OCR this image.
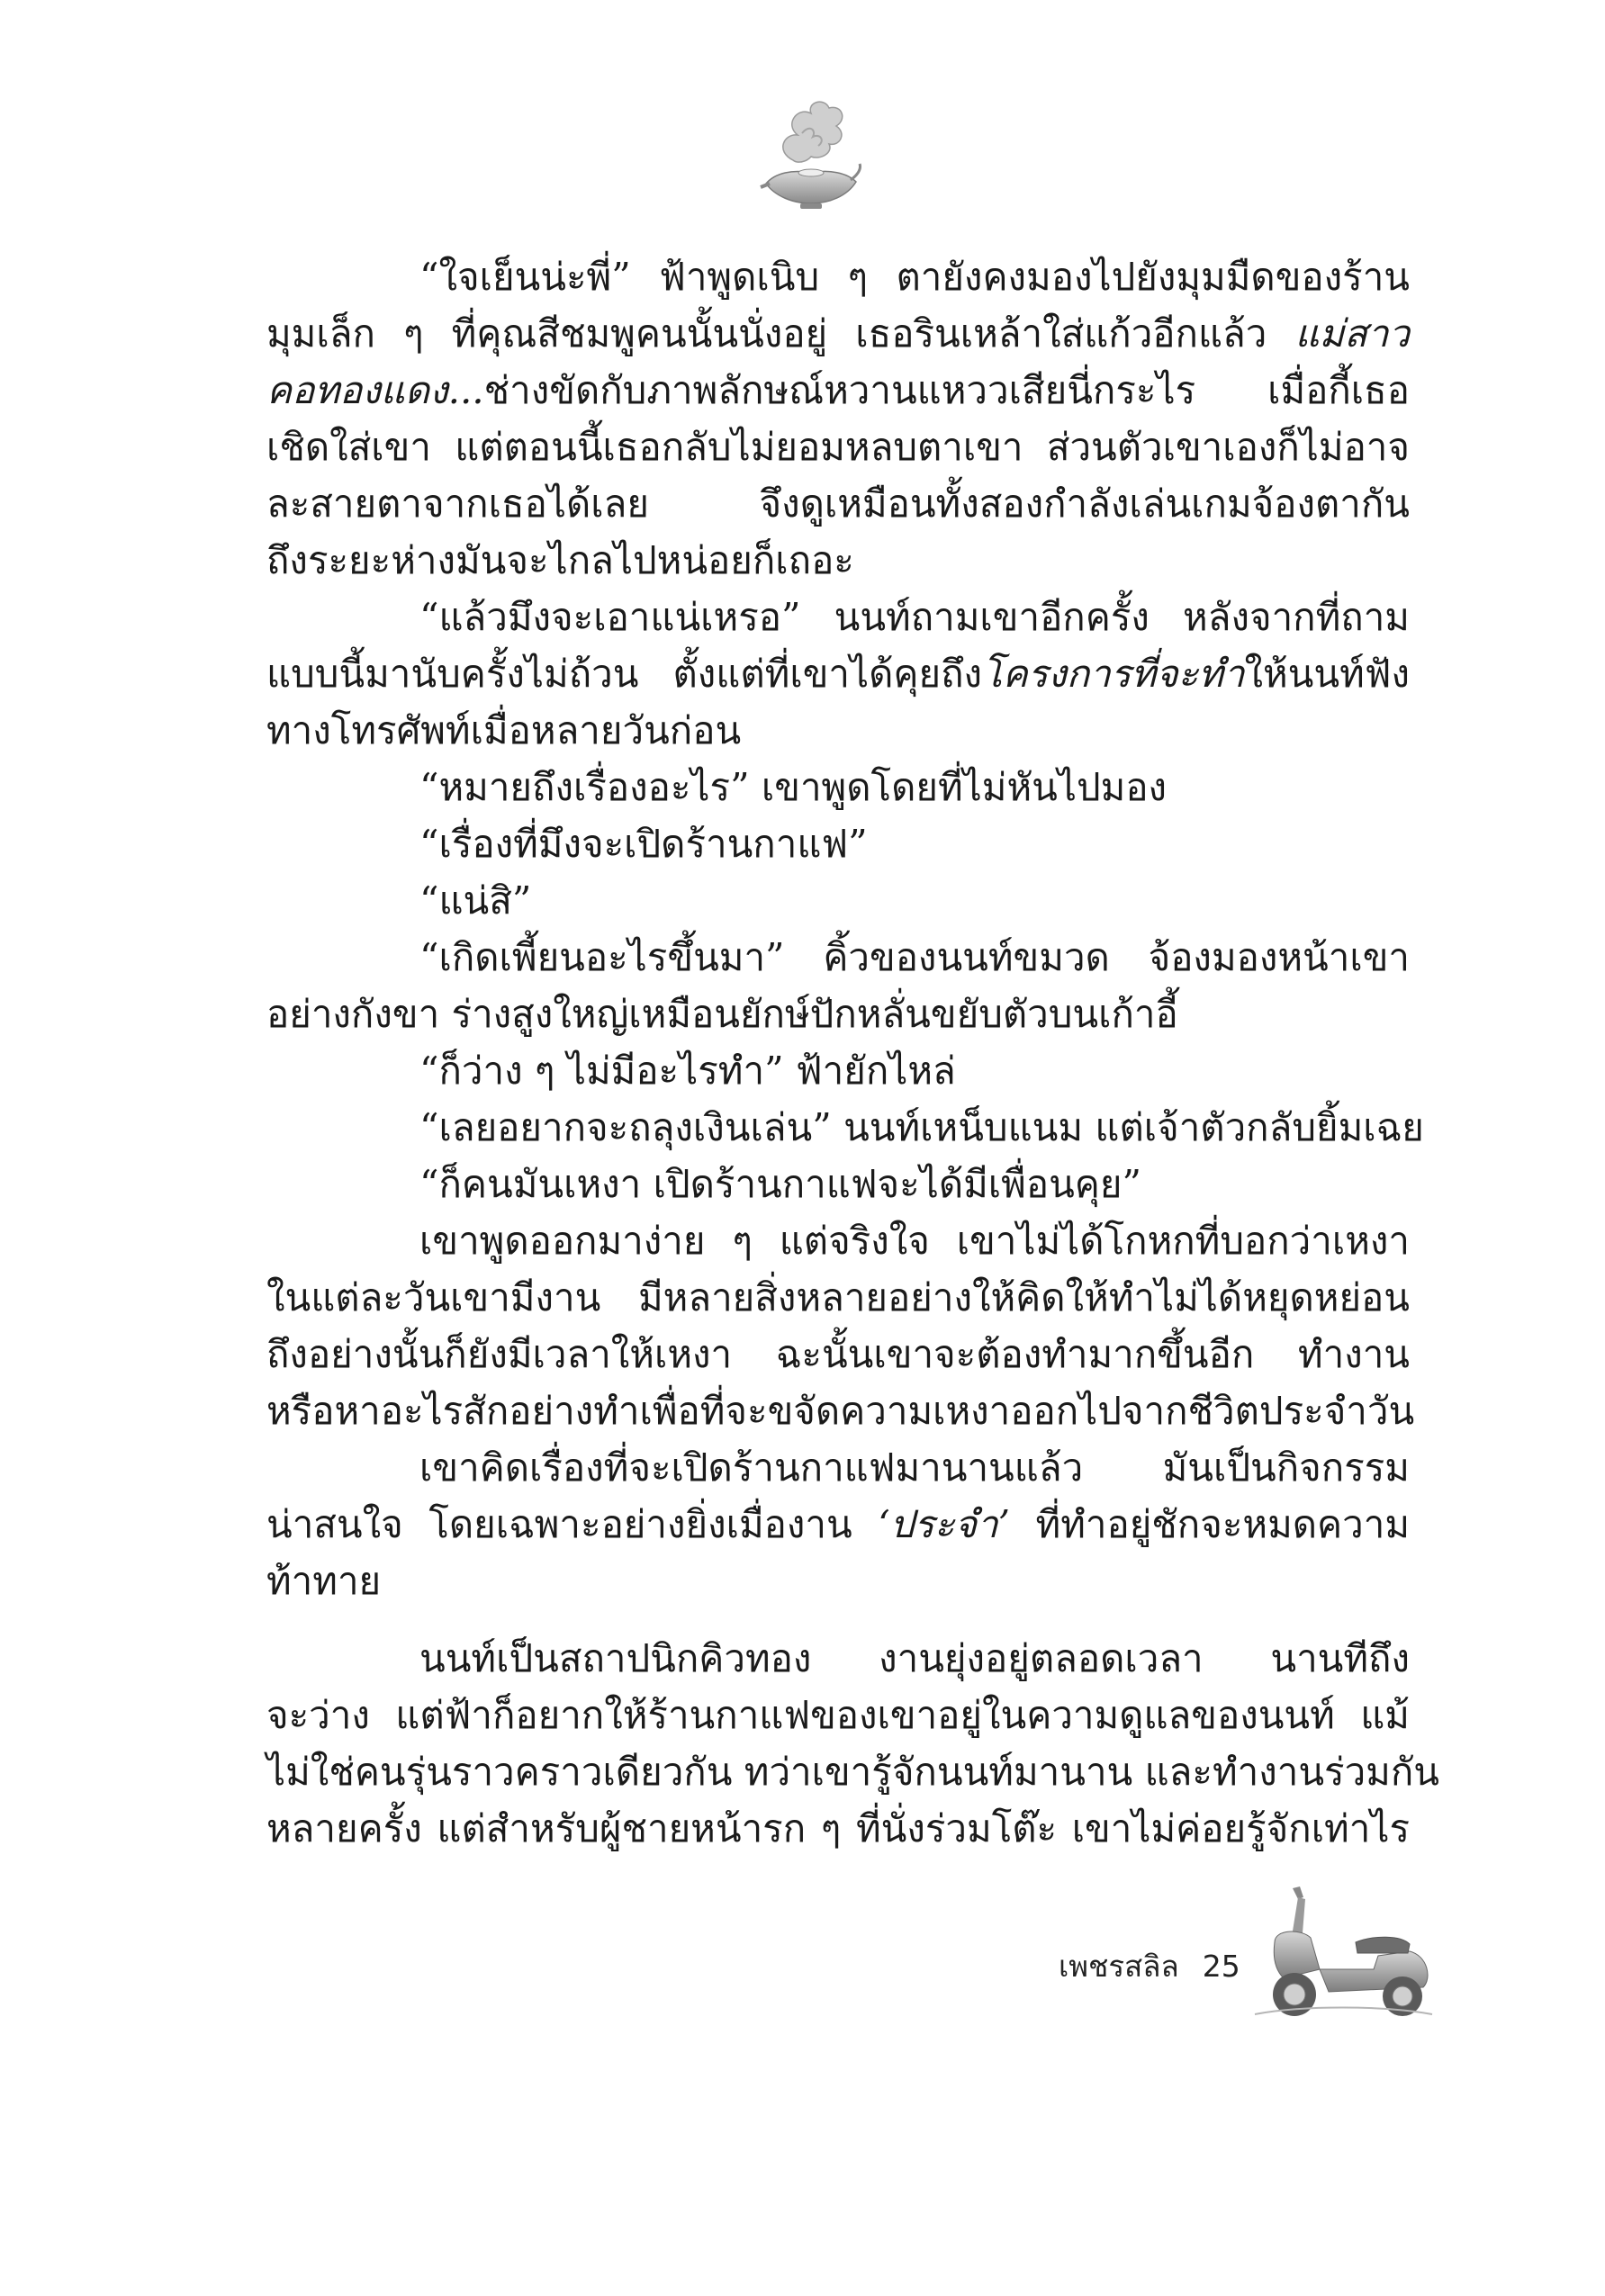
“ใจเย็นน่ะพี่” ฟ้าพูดเนิบ ๆ ตายังคงมองไปยังมุมมืดของร้าน
มุมเล็ก ๆ ที่คุณสีชมพูคนนั้นนั่งอยู่ เธอรินเหล้าใส่แก้วอีกแล้ว แม่สาว
คอทองแดง...ช่างขัดกับภาพลักษณ์หวานแหววเสียนี่กระไร เมื่อกี้เธอ
เชิดใส่เขา แต่ตอนนี้เธอกลับไม่ยอมหลบตาเขา ส่วนตัวเขาเองก็ไม่อาจ
ละสายตาจากเธอได้เลย จึงดูเหมือนทั้งสองกำลังเล่นเกมจ้องตากัน
ถึงระยะห่างมันจะไกลไปหน่อยก็เถอะ
“แล้วมึงจะเอาแน่เหรอ” นนท์ถามเขาอีกครั้ง หลังจากที่ถาม
แบบนี้มานับครั้งไม่ถ้วน ตั้งแต่ที่เขาได้คุยถึงโครงการที่จะทำให้นนท์ฟัง
ทางโทรศัพท์เมื่อหลายวันก่อน
“หมายถึงเรื่องอะไร” เขาพูดโดยที่ไม่หันไปมอง
“เรื่องที่มึงจะเปิดร้านกาแฟ”
“แน่สิ”
“เกิดเพี้ยนอะไรขึ้นมา” คิ้วของนนท์ขมวด จ้องมองหน้าเขา
อย่างกังขา ร่างสูงใหญ่เหมือนยักษ์ปักหลั่นขยับตัวบนเก้าอี้
“ก็ว่าง ๆ ไม่มีอะไรทำ” ฟ้ายักไหล่
“เลยอยากจะถลุงเงินเล่น” นนท์เหน็บแนม แต่เจ้าตัวกลับยิ้มเฉย
“ก็คนมันเหงา เปิดร้านกาแฟจะได้มีเพื่อนคุย”
เขาพูดออกมาง่าย ๆ แต่จริงใจ เขาไม่ได้โกหกที่บอกว่าเหงา
ในแต่ละวันเขามีงาน มีหลายสิ่งหลายอย่างให้คิดให้ทำไม่ได้หยุดหย่อน
ถึงอย่างนั้นก็ยังมีเวลาให้เหงา ฉะนั้นเขาจะต้องทำมากขึ้นอีก ทำงาน
หรือหาอะไรสักอย่างทำเพื่อที่จะขจัดความเหงาออกไปจากชีวิตประจำวัน
เขาคิดเรื่องที่จะเปิดร้านกาแฟมานานแล้ว มันเป็นกิจกรรม
น่าสนใจ โดยเฉพาะอย่างยิ่งเมื่องาน ‘ประจำ’ ที่ทำอยู่ชักจะหมดความ
ท้าทาย
นนท์เป็นสถาปนิกคิวทอง งานยุ่งอยู่ตลอดเวลา นานทีถึง
จะว่าง แต่ฟ้าก็อยากให้ร้านกาแฟของเขาอยู่ในความดูแลของนนท์ แม้
ไม่ใช่คนรุ่นราวคราวเดียวกัน ทว่าเขารู้จักนนท์มานาน และทำงานร่วมกัน
หลายครั้ง แต่สำหรับผู้ชายหน้ารก ๆ ที่นั่งร่วมโต๊ะ เขาไม่ค่อยรู้จักเท่าไร
เพชรสลิล 25
